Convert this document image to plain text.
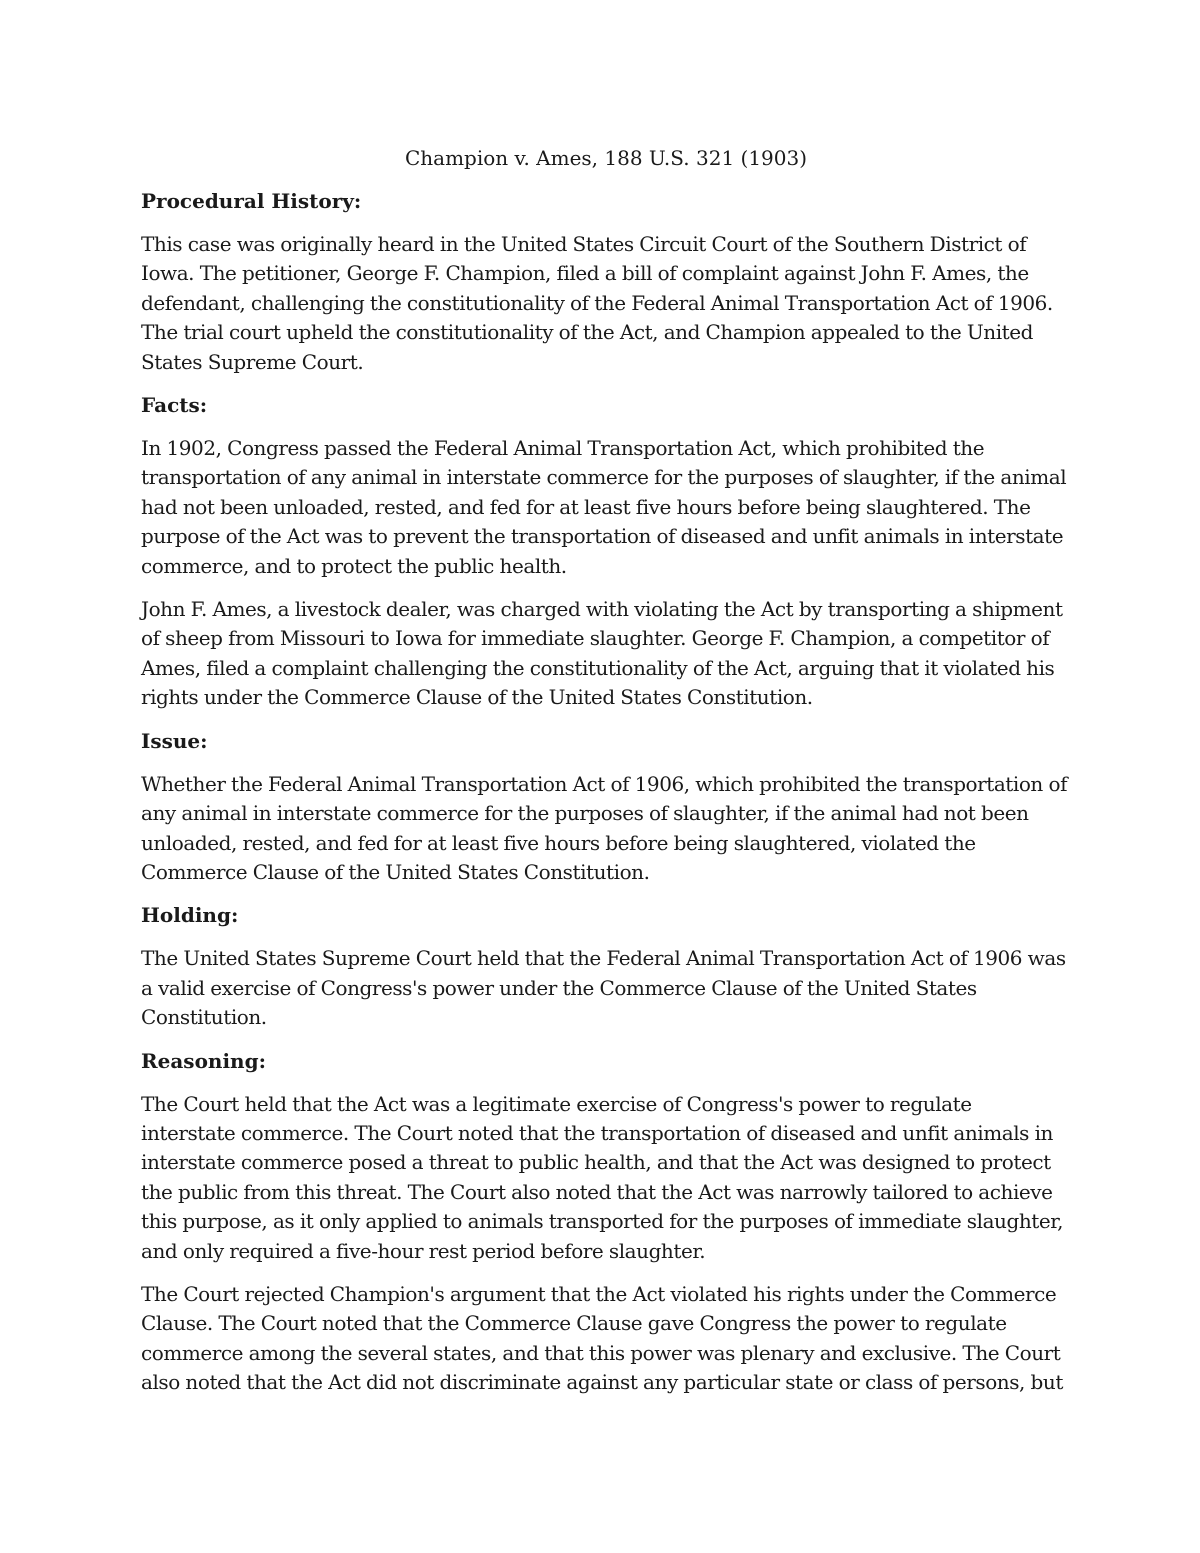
Champion v. Ames, 188 U.S. 321 (1903)
Procedural History:

This case was originally heard in the United States Circuit Court of the Southern District of Iowa. The petitioner, George F. Champion, filed a bill of complaint against John F. Ames, the defendant, challenging the constitutionality of the Federal Animal Transportation Act of 1906. The trial court upheld the constitutionality of the Act, and Champion appealed to the United States Supreme Court.

Facts:

In 1902, Congress passed the Federal Animal Transportation Act, which prohibited the transportation of any animal in interstate commerce for the purposes of slaughter, if the animal had not been unloaded, rested, and fed for at least five hours before being slaughtered. The purpose of the Act was to prevent the transportation of diseased and unfit animals in interstate commerce, and to protect the public health.

John F. Ames, a livestock dealer, was charged with violating the Act by transporting a shipment of sheep from Missouri to Iowa for immediate slaughter. George F. Champion, a competitor of Ames, filed a complaint challenging the constitutionality of the Act, arguing that it violated his rights under the Commerce Clause of the United States Constitution.

Issue:

Whether the Federal Animal Transportation Act of 1906, which prohibited the transportation of any animal in interstate commerce for the purposes of slaughter, if the animal had not been unloaded, rested, and fed for at least five hours before being slaughtered, violated the Commerce Clause of the United States Constitution.

Holding:

The United States Supreme Court held that the Federal Animal Transportation Act of 1906 was a valid exercise of Congress's power under the Commerce Clause of the United States Constitution.

Reasoning:

The Court held that the Act was a legitimate exercise of Congress's power to regulate interstate commerce. The Court noted that the transportation of diseased and unfit animals in interstate commerce posed a threat to public health, and that the Act was designed to protect the public from this threat. The Court also noted that the Act was narrowly tailored to achieve this purpose, as it only applied to animals transported for the purposes of immediate slaughter, and only required a five-hour rest period before slaughter.

The Court rejected Champion's argument that the Act violated his rights under the Commerce Clause. The Court noted that the Commerce Clause gave Congress the power to regulate commerce among the several states, and that this power was plenary and exclusive. The Court also noted that the Act did not discriminate against any particular state or class of persons, but
